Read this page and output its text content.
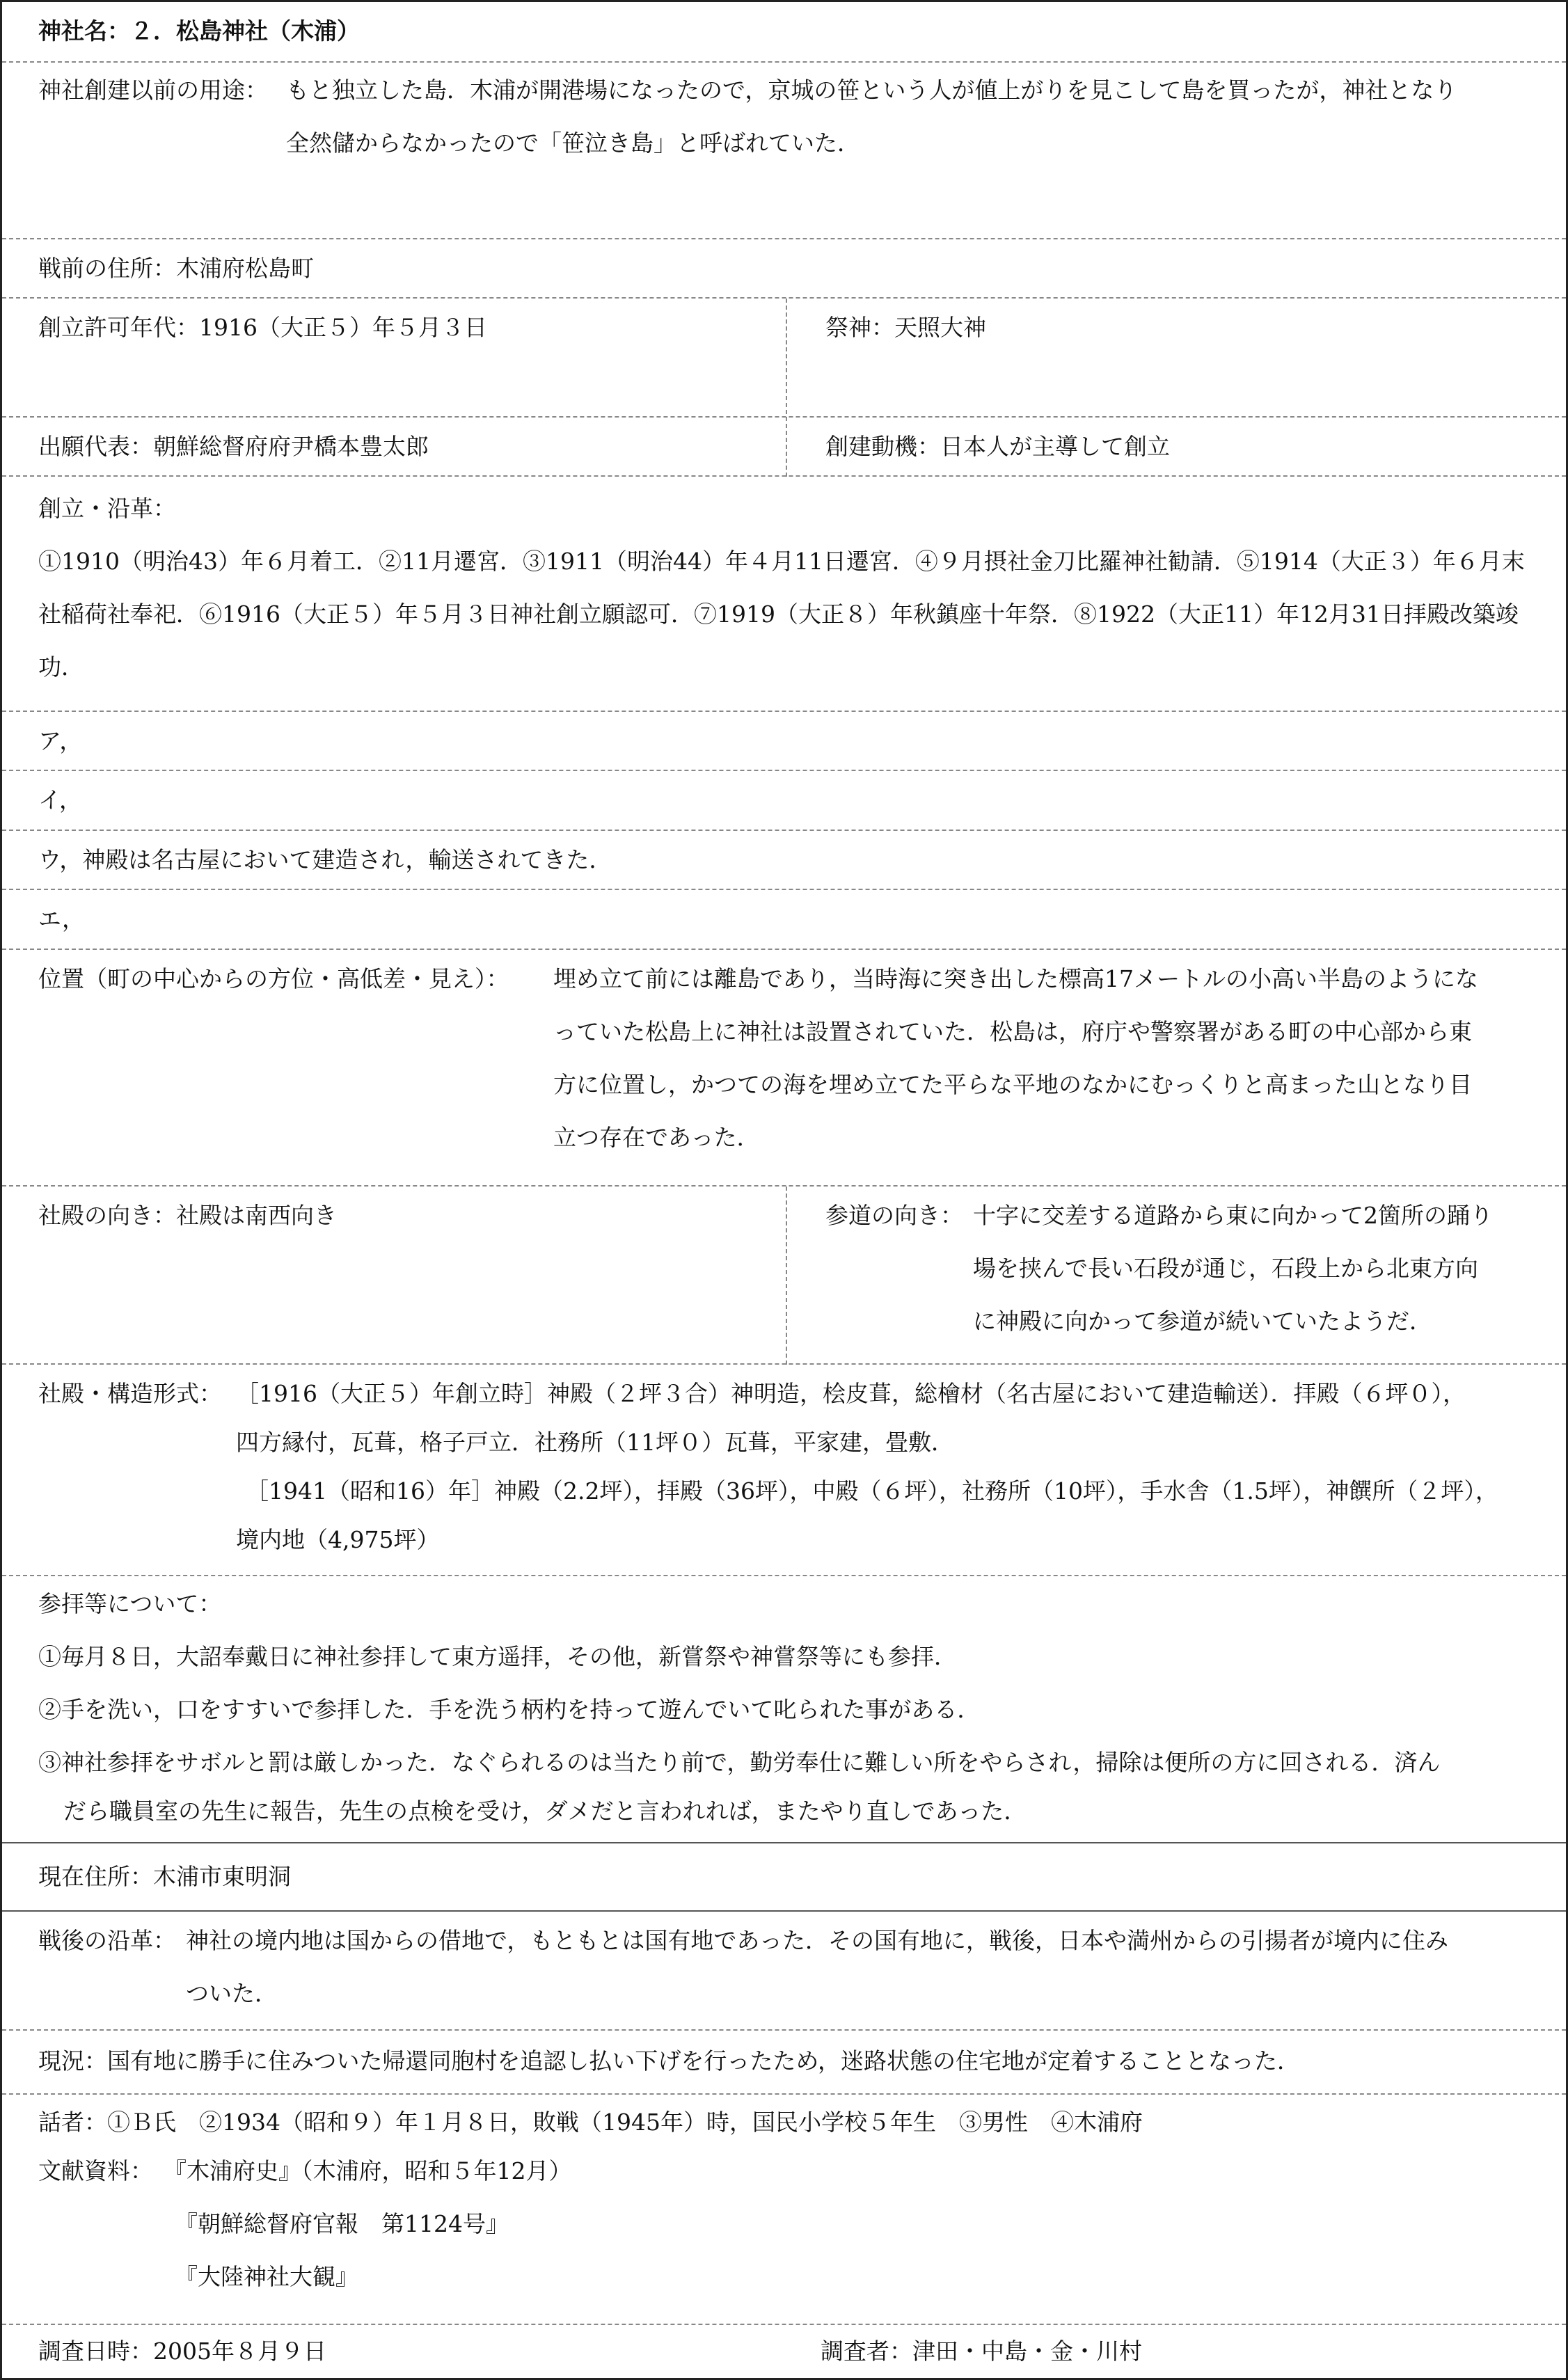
神社名：２．松島神社（木浦）
神社創建以前の用途： もと独立した島．木浦が開港場になったので，京城の笹という人が値上がりを見こして島を買ったが，神社となり
全然儲からなかったので「笹泣き島」と呼ばれていた．
戦前の住所：木浦府松島町
創立許可年代：1916（大正５）年５月３日	祭神：天照大神
出願代表：朝鮮総督府府尹橋本豊太郎	創建動機：日本人が主導して創立
創立・沿革：
①1910（明治43）年６月着工．②11月遷宮．③1911（明治44）年４月11日遷宮．④９月摂社金刀比羅神社勧請．⑤1914（大正３）年６月末
社稲荷社奉祀．⑥1916（大正５）年５月３日神社創立願認可．⑦1919（大正８）年秋鎮座十年祭．⑧1922（大正11）年12月31日拝殿改築竣
功．
ア，
イ，
ウ，神殿は名古屋において建造され，輸送されてきた．
エ，
位置（町の中心からの方位・高低差・見え）： 埋め立て前には離島であり，当時海に突き出した標高17メートルの小高い半島のようにな
っていた松島上に神社は設置されていた．松島は，府庁や警察署がある町の中心部から東
方に位置し，かつての海を埋め立てた平らな平地のなかにむっくりと高まった山となり目
立つ存在であった．
社殿の向き：社殿は南西向き	参道の向き： 十字に交差する道路から東に向かって2箇所の踊り
場を挟んで長い石段が通じ，石段上から北東方向
に神殿に向かって参道が続いていたようだ．
社殿・構造形式： ［1916（大正５）年創立時］神殿（２坪３合）神明造，桧皮葺，総檜材（名古屋において建造輸送）．拝殿（６坪０），
四方縁付，瓦葺，格子戸立．社務所（11坪０）瓦葺，平家建，畳敷．
［1941（昭和16）年］神殿（2.2坪），拝殿（36坪），中殿（６坪），社務所（10坪），手水舎（1.5坪），神饌所（２坪），
境内地（4,975坪）
参拝等について：
①毎月８日，大詔奉戴日に神社参拝して東方遥拝，その他，新嘗祭や神嘗祭等にも参拝．
②手を洗い，口をすすいで参拝した．手を洗う柄杓を持って遊んでいて叱られた事がある．
③神社参拝をサボルと罰は厳しかった．なぐられるのは当たり前で，勤労奉仕に難しい所をやらされ，掃除は便所の方に回される．済ん
だら職員室の先生に報告，先生の点検を受け，ダメだと言われれば，またやり直しであった．
現在住所：木浦市東明洞
戦後の沿革： 神社の境内地は国からの借地で，もともとは国有地であった．その国有地に，戦後，日本や満州からの引揚者が境内に住み
ついた．
現況：国有地に勝手に住みついた帰還同胞村を追認し払い下げを行ったため，迷路状態の住宅地が定着することとなった．
話者：①Ｂ氏　②1934（昭和９）年１月８日，敗戦（1945年）時，国民小学校５年生　③男性　④木浦府
文献資料： 『木浦府史』（木浦府，昭和５年12月）
『朝鮮総督府官報　第1124号』
『大陸神社大観』
調査日時：2005年８月９日	調査者：津田・中島・金・川村
